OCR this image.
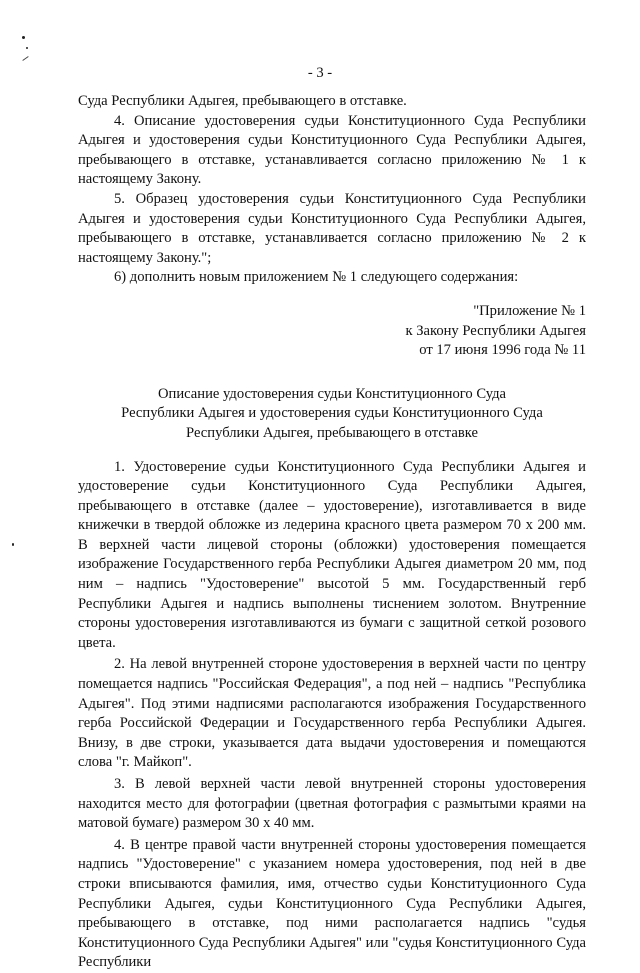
- 3 -

Суда Республики Адыгея, пребывающего в отставке.

4. Описание удостоверения судьи Конституционного Суда Республики Адыгея и удостоверения судьи Конституционного Суда Республики Адыгея, пребывающего в отставке, устанавливается согласно приложению № 1 к настоящему Закону.

5. Образец удостоверения судьи Конституционного Суда Республики Адыгея и удостоверения судьи Конституционного Суда Республики Адыгея, пребывающего в отставке, устанавливается согласно приложению № 2 к настоящему Закону.";

6) дополнить новым приложением № 1 следующего содержания:

"Приложение № 1
к Закону Республики Адыгея
от 17 июня 1996 года № 11

Описание удостоверения судьи Конституционного Суда
Республики Адыгея и удостоверения судьи Конституционного Суда
Республики Адыгея, пребывающего в отставке

1. Удостоверение судьи Конституционного Суда Республики Адыгея и удостоверение судьи Конституционного Суда Республики Адыгея, пребывающего в отставке (далее – удостоверение), изготавливается в виде книжечки в твердой обложке из ледерина красного цвета размером 70 х 200 мм. В верхней части лицевой стороны (обложки) удостоверения помещается изображение Государственного герба Республики Адыгея диаметром 20 мм, под ним – надпись "Удостоверение" высотой 5 мм. Государственный герб Республики Адыгея и надпись выполнены тиснением золотом. Внутренние стороны удостоверения изготавливаются из бумаги с защитной сеткой розового цвета.

2. На левой внутренней стороне удостоверения в верхней части по центру помещается надпись "Российская Федерация", а под ней – надпись "Республика Адыгея". Под этими надписями располагаются изображения Государственного герба Российской Федерации и Государственного герба Республики Адыгея. Внизу, в две строки, указывается дата выдачи удостоверения и помещаются слова "г. Майкоп".

3. В левой верхней части левой внутренней стороны удостоверения находится место для фотографии (цветная фотография с размытыми краями на матовой бумаге) размером 30 х 40 мм.

4. В центре правой части внутренней стороны удостоверения помещается надпись "Удостоверение" с указанием номера удостоверения, под ней в две строки вписываются фамилия, имя, отчество судьи Конституционного Суда Республики Адыгея, судьи Конституционного Суда Республики Адыгея, пребывающего в отставке, под ними располагается надпись "судья Конституционного Суда Республики Адыгея" или "судья Конституционного Суда Республики
